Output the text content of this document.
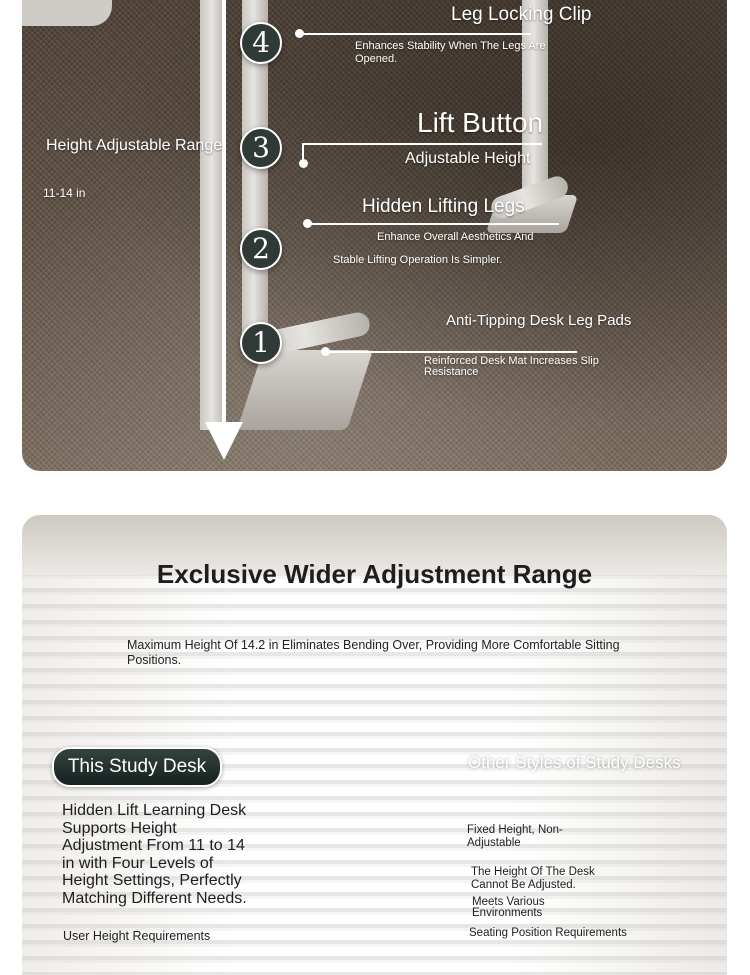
Height Adjustable Range
11-14 in
4
Leg Locking Clip
Enhances Stability When The Legs Are Opened.
3
Lift Button
Adjustable Height
2
Hidden Lifting Legs
Enhance Overall Aesthetics And
Stable Lifting Operation Is Simpler.
1
Anti-Tipping Desk Leg Pads
Reinforced Desk Mat Increases Slip Resistance
Exclusive Wider Adjustment Range
Maximum Height Of 14.2 in Eliminates Bending Over, Providing More Comfortable Sitting Positions.
This Study Desk	Other Styles of Study Desks
Hidden Lift Learning Desk Supports Height Adjustment From 11 to 14 in with Four Levels of Height Settings, Perfectly Matching Different Needs.
User Height Requirements
Fixed Height, Non-Adjustable
The Height Of The Desk Cannot Be Adjusted.
Meets Various Environments
Seating Position Requirements
